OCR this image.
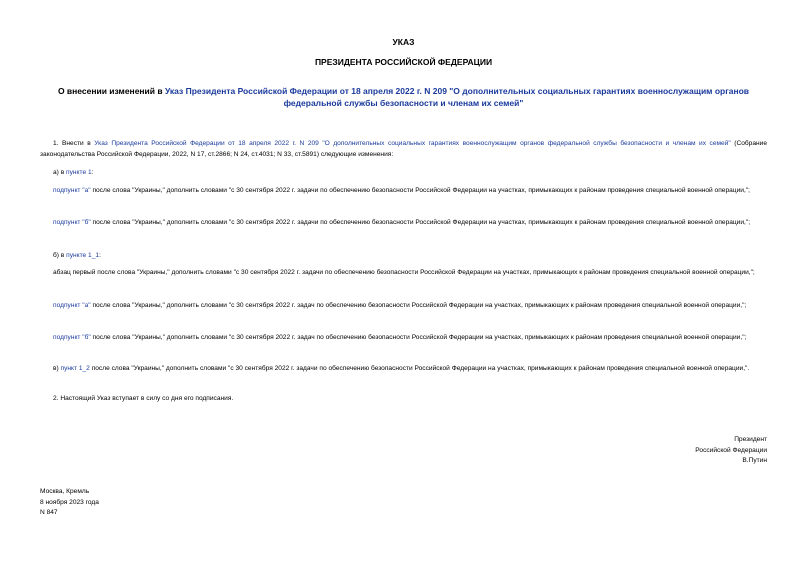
УКАЗ
ПРЕЗИДЕНТА РОССИЙСКОЙ ФЕДЕРАЦИИ
О внесении изменений в Указ Президента Российской Федерации от 18 апреля 2022 г. N 209 "О дополнительных социальных гарантиях военнослужащим органов федеральной службы безопасности и членам их семей"
1. Внести в Указ Президента Российской Федерации от 18 апреля 2022 г. N 209 "О дополнительных социальных гарантиях военнослужащим органов федеральной службы безопасности и членам их семей" (Собрание законодательства Российской Федерации, 2022, N 17, ст.2866; N 24, ст.4031; N 33, ст.5891) следующие изменения:
а) в пункте 1:
подпункт "а" после слова "Украины," дополнить словами "с 30 сентября 2022 г. задачи по обеспечению безопасности Российской Федерации на участках, примыкающих к районам проведения специальной военной операции,";
подпункт "б" после слова "Украины," дополнить словами "с 30 сентября 2022 г. задачи по обеспечению безопасности Российской Федерации на участках, примыкающих к районам проведения специальной военной операции,";
б) в пункте 1_1:
абзац первый после слова "Украины," дополнить словами "с 30 сентября 2022 г. задачи по обеспечению безопасности Российской Федерации на участках, примыкающих к районам проведения специальной военной операции,";
подпункт "а" после слова "Украины," дополнить словами "с 30 сентября 2022 г. задач по обеспечению безопасности Российской Федерации на участках, примыкающих к районам проведения специальной военной операции,";
подпункт "б" после слова "Украины," дополнить словами "с 30 сентября 2022 г. задач по обеспечению безопасности Российской Федерации на участках, примыкающих к районам проведения специальной военной операции,";
в) пункт 1_2 после слова "Украины," дополнить словами "с 30 сентября 2022 г. задачи по обеспечению безопасности Российской Федерации на участках, примыкающих к районам проведения специальной военной операции,".
2. Настоящий Указ вступает в силу со дня его подписания.
Президент
Российской Федерации
В.Путин
Москва, Кремль
8 ноября 2023 года
N 847
